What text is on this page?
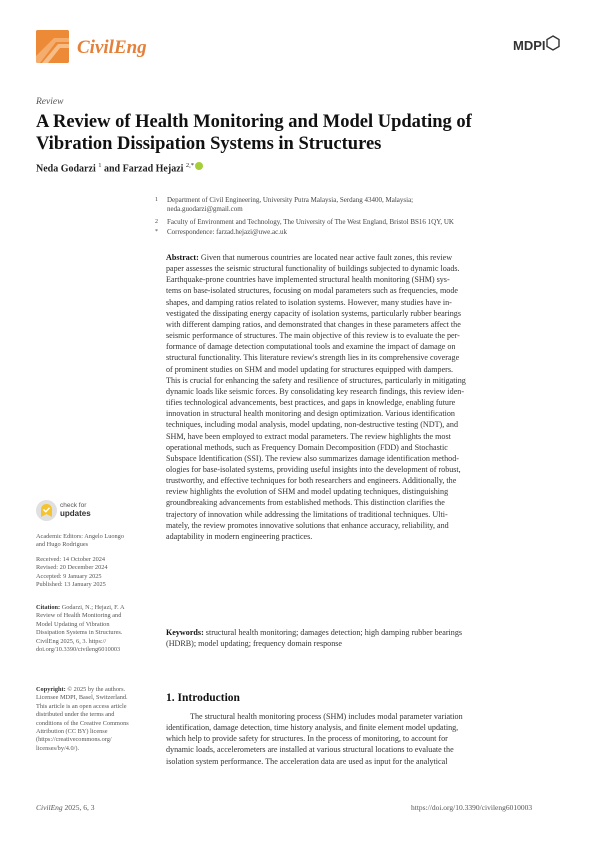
CivilEng	MDPI
Review
A Review of Health Monitoring and Model Updating of
Vibration Dissipation Systems in Structures
Neda Godarzi $^1$ and Farzad Hejazi $^{2,*}$
1 Department of Civil Engineering, University Putra Malaysia, Serdang 43400, Malaysia;
neda.guodarzi@gmail.com
2 Faculty of Environment and Technology, The University of The West England, Bristol BS16 1QY, UK
* Correspondence: farzad.hejazi@uwe.ac.uk
Abstract: Given that numerous countries are located near active fault zones, this review
paper assesses the seismic structural functionality of buildings subjected to dynamic loads.
Earthquake-prone countries have implemented structural health monitoring (SHM) sys-
tems on base-isolated structures, focusing on modal parameters such as frequencies, mode
shapes, and damping ratios related to isolation systems. However, many studies have in-
vestigated the dissipating energy capacity of isolation systems, particularly rubber bearings
with different damping ratios, and demonstrated that changes in these parameters affect the
seismic performance of structures. The main objective of this review is to evaluate the per-
formance of damage detection computational tools and examine the impact of damage on
structural functionality. This literature review's strength lies in its comprehensive coverage
of prominent studies on SHM and model updating for structures equipped with dampers.
This is crucial for enhancing the safety and resilience of structures, particularly in mitigating
dynamic loads like seismic forces. By consolidating key research findings, this review iden-
tifies technological advancements, best practices, and gaps in knowledge, enabling future
innovation in structural health monitoring and design optimization. Various identification
techniques, including modal analysis, model updating, non-destructive testing (NDT), and
SHM, have been employed to extract modal parameters. The review highlights the most
operational methods, such as Frequency Domain Decomposition (FDD) and Stochastic
Subspace Identification (SSI). The review also summarizes damage identification method-
ologies for base-isolated systems, providing useful insights into the development of robust,
trustworthy, and effective techniques for both researchers and engineers. Additionally, the
review highlights the evolution of SHM and model updating techniques, distinguishing
groundbreaking advancements from established methods. This distinction clarifies the
trajectory of innovation while addressing the limitations of traditional techniques. Ulti-
mately, the review promotes innovative solutions that enhance accuracy, reliability, and
adaptability in modern engineering practices.
Keywords: structural health monitoring; damages detection; high damping rubber bearings
(HDRB); model updating; frequency domain response
1. Introduction
The structural health monitoring process (SHM) includes modal parameter variation
identification, damage detection, time history analysis, and finite element model updating,
which help to provide safety for structures. In the process of monitoring, to account for
dynamic loads, accelerometers are installed at various structural locations to evaluate the
isolation system performance. The acceleration data are used as input for the analytical
check for
updates
Academic Editors: Angelo Luongo
and Hugo Rodrigues
Received: 14 October 2024
Revised: 20 December 2024
Accepted: 9 January 2025
Published: 13 January 2025
Citation: Godarzi, N.; Hejazi, F. A
Review of Health Monitoring and
Model Updating of Vibration
Dissipation Systems in Structures.
CivilEng 2025, 6, 3. https://
doi.org/10.3390/civileng6010003
Copyright: © 2025 by the authors.
Licensee MDPI, Basel, Switzerland.
This article is an open access article
distributed under the terms and
conditions of the Creative Commons
Attribution (CC BY) license
(https://creativecommons.org/
licenses/by/4.0/).
CivilEng 2025, 6, 3	https://doi.org/10.3390/civileng6010003
